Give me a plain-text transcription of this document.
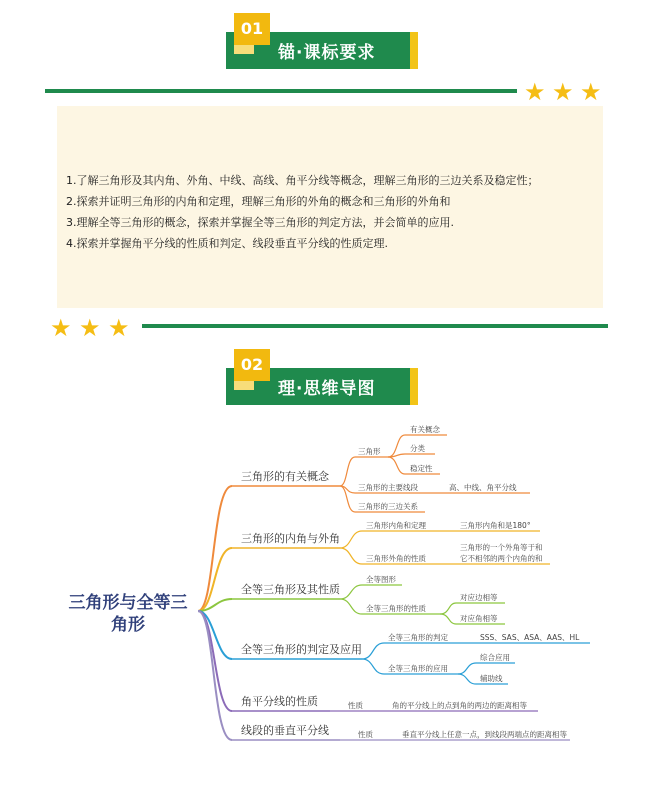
01
锚·课标要求
★ ★ ★

1.了解三角形及其内角、外角、中线、高线、角平分线等概念，理解三角形的三边关系及稳定性；

2.探索并证明三角形的内角和定理，理解三角形的外角的概念和三角形的外角和

3.理解全等三角形的概念，探索并掌握全等三角形的判定方法，并会简单的应用.

4.探索并掌握角平分线的性质和判定、线段垂直平分线的性质定理.

★ ★ ★
02
理·思维导图
三角形与全等三
角形
三角形的有关概念
三角形的内角与外角
全等三角形及其性质
全等三角形的判定及应用
角平分线的性质
线段的垂直平分线
三角形
有关概念
分类
稳定性
三角形的主要线段	高、中线、角平分线
三角形的三边关系
三角形内角和定理	三角形内角和是180°
三角形外角的性质
三角形的一个外角等于和
它不相邻的两个内角的和
全等图形
全等三角形的性质
对应边相等
对应角相等
全等三角形的判定	SSS、SAS、ASA、AAS、HL
全等三角形的应用
综合应用
辅助线
性质	角的平分线上的点到角的两边的距离相等
性质	垂直平分线上任意一点，到线段两端点的距离相等
